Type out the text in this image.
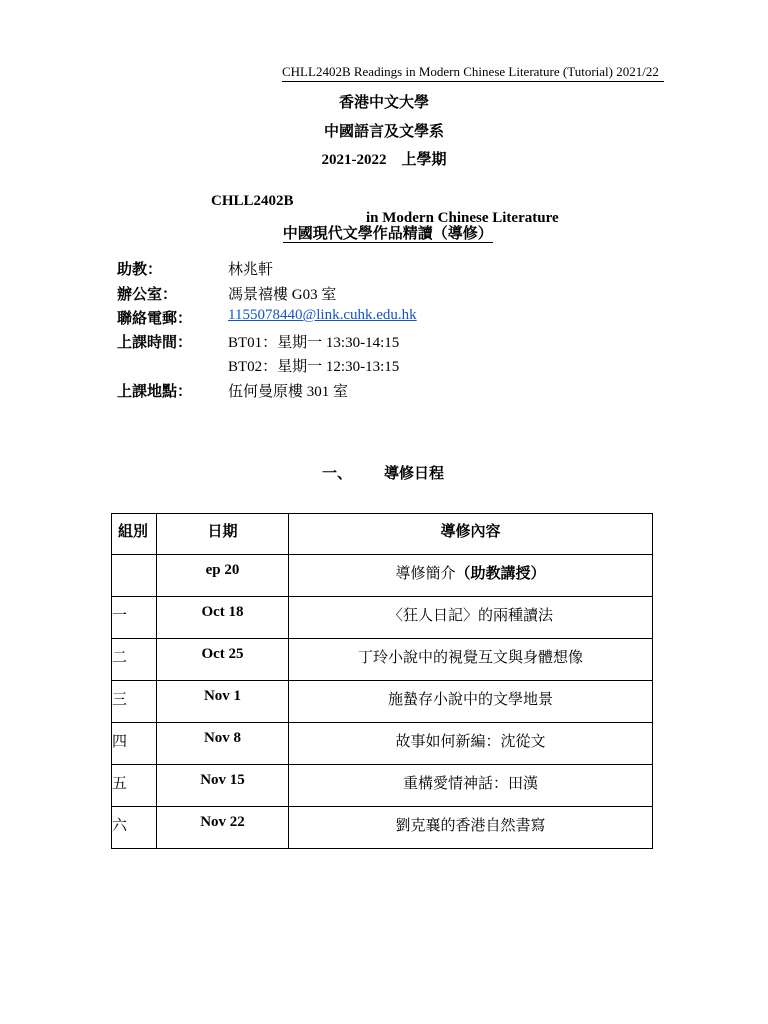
CHLL2402B Readings in Modern Chinese Literature (Tutorial) 2021/22
香港中文大學
中國語言及文學系
2021-2022　上學期

CHLL2402B

in Modern Chinese Literature

中國現代文學作品精讀（導修）

助教：	林兆軒
辦公室：	馮景禧樓 G03 室
聯絡電郵： 1155078440@link.cuhk.edu.hk
上課時間： BT01：星期一 13:30-14:15
BT02：星期一 12:30-13:15
上課地點： 伍何曼原樓 301 室
一、 導修日程
組別	日期	導修內容
	ep 20	導修簡介（助教講授）
一	Oct 18	〈狂人日記〉的兩種讀法
二	Oct 25	丁玲小說中的視覺互文與身體想像
三	Nov 1	施蟄存小說中的文學地景
四	Nov 8	故事如何新編：沈從文
五	Nov 15	重構愛情神話：田漢
六	Nov 22	劉克襄的香港自然書寫
